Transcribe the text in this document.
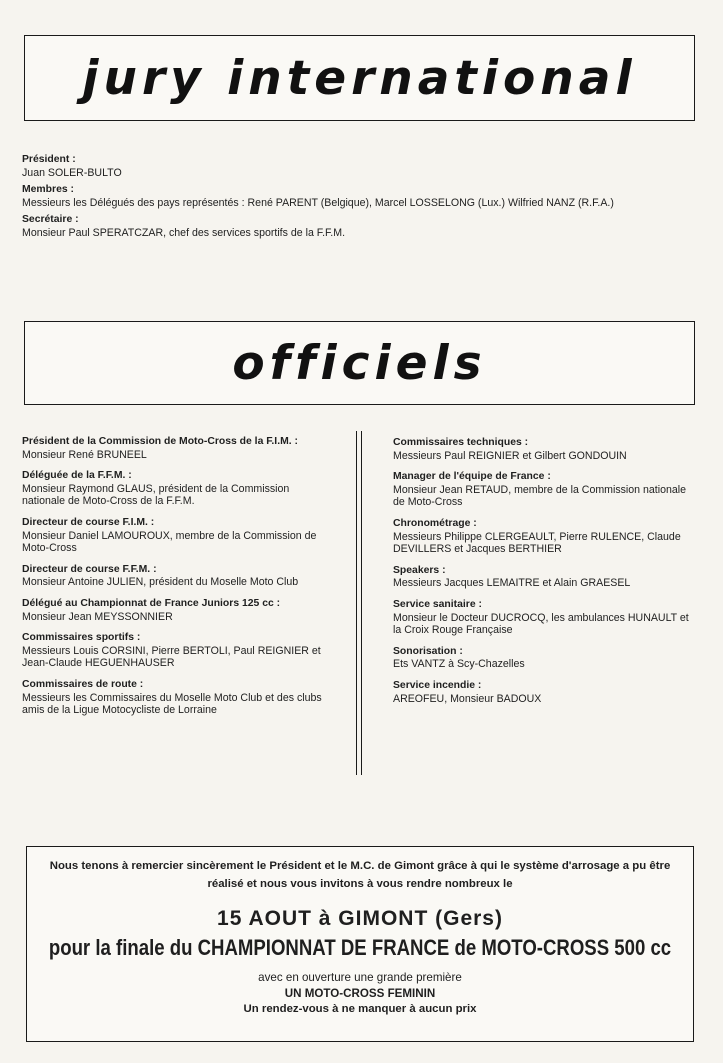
jury international
Président :
Juan SOLER-BULTO
Membres :
Messieurs les Délégués des pays représentés : René PARENT (Belgique), Marcel LOSSELONG (Lux.) Wilfried NANZ (R.F.A.)
Secrétaire :
Monsieur Paul SPERATCZAR, chef des services sportifs de la F.F.M.
officiels
Président de la Commission de Moto-Cross de la F.I.M. :
Monsieur René BRUNEEL
Déléguée de la F.F.M. :
Monsieur Raymond GLAUS, président de la Commission nationale de Moto-Cross de la F.F.M.
Directeur de course F.I.M. :
Monsieur Daniel LAMOUROUX, membre de la Commission de Moto-Cross
Directeur de course F.F.M. :
Monsieur Antoine JULIEN, président du Moselle Moto Club
Délégué au Championnat de France Juniors 125 cc :
Monsieur Jean MEYSSONNIER
Commissaires sportifs :
Messieurs Louis CORSINI, Pierre BERTOLI, Paul REIGNIER et Jean-Claude HEGUENHAUSER
Commissaires de route :
Messieurs les Commissaires du Moselle Moto Club et des clubs amis de la Ligue Motocycliste de Lorraine
Commissaires techniques :
Messieurs Paul REIGNIER et Gilbert GONDOUIN
Manager de l'équipe de France :
Monsieur Jean RETAUD, membre de la Commission nationale de Moto-Cross
Chronométrage :
Messieurs Philippe CLERGEAULT, Pierre RULENCE, Claude DEVILLERS et Jacques BERTHIER
Speakers :
Messieurs Jacques LEMAITRE et Alain GRAESEL
Service sanitaire :
Monsieur le Docteur DUCROCQ, les ambulances HUNAULT et la Croix Rouge Française
Sonorisation :
Ets VANTZ à Scy-Chazelles
Service incendie :
AREOFEU, Monsieur BADOUX
Nous tenons à remercier sincèrement le Président et le M.C. de Gimont grâce à qui le système d'arrosage a pu être réalisé et nous vous invitons à vous rendre nombreux le
15 AOUT à GIMONT (Gers)
pour la finale du CHAMPIONNAT DE FRANCE de MOTO-CROSS 500 cc
avec en ouverture une grande première
UN MOTO-CROSS FEMININ
Un rendez-vous à ne manquer à aucun prix
